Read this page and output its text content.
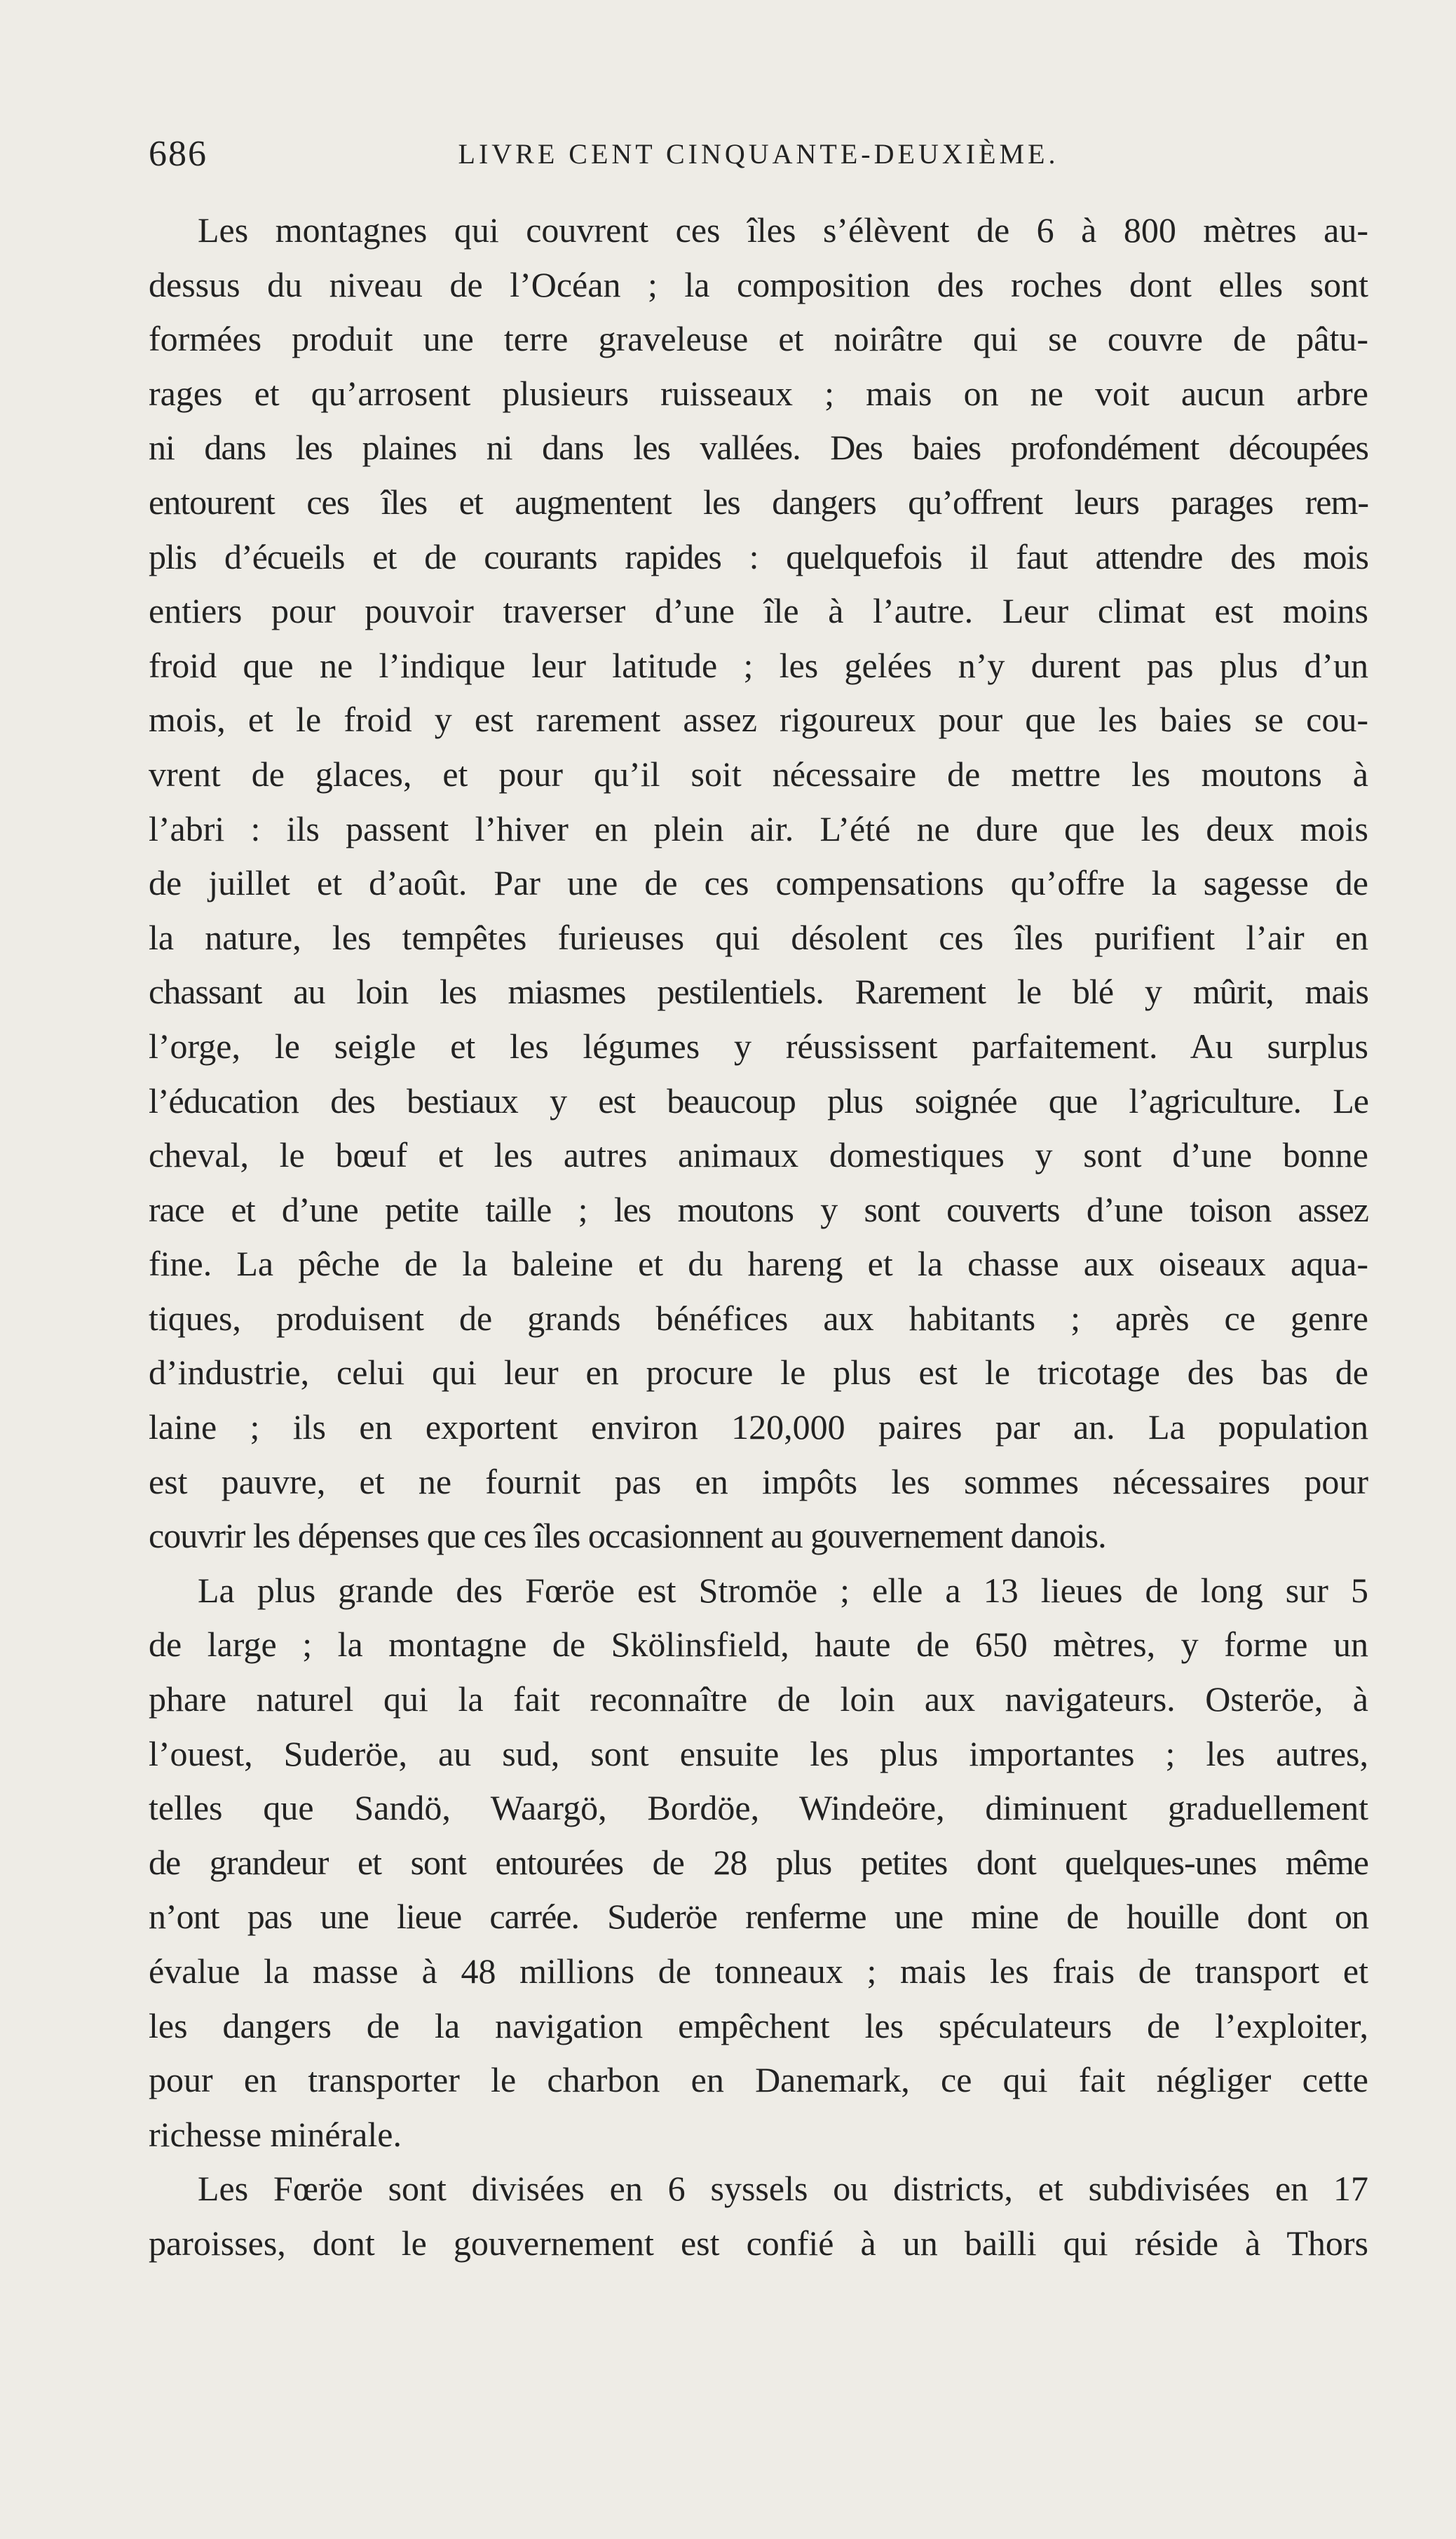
686	LIVRE CENT CINQUANTE-DEUXIÈME.
Les montagnes qui couvrent ces îles s’élèvent de 6 à 800 mètres au-
dessus du niveau de l’Océan ; la composition des roches dont elles sont
formées produit une terre graveleuse et noirâtre qui se couvre de pâtu-
rages et qu’arrosent plusieurs ruisseaux ; mais on ne voit aucun arbre
ni dans les plaines ni dans les vallées. Des baies profondément découpées
entourent ces îles et augmentent les dangers qu’offrent leurs parages rem-
plis d’écueils et de courants rapides : quelquefois il faut attendre des mois
entiers pour pouvoir traverser d’une île à l’autre. Leur climat est moins
froid que ne l’indique leur latitude ; les gelées n’y durent pas plus d’un
mois, et le froid y est rarement assez rigoureux pour que les baies se cou-
vrent de glaces, et pour qu’il soit nécessaire de mettre les moutons à
l’abri : ils passent l’hiver en plein air. L’été ne dure que les deux mois
de juillet et d’août. Par une de ces compensations qu’offre la sagesse de
la nature, les tempêtes furieuses qui désolent ces îles purifient l’air en
chassant au loin les miasmes pestilentiels. Rarement le blé y mûrit, mais
l’orge, le seigle et les légumes y réussissent parfaitement. Au surplus
l’éducation des bestiaux y est beaucoup plus soignée que l’agriculture. Le
cheval, le bœuf et les autres animaux domestiques y sont d’une bonne
race et d’une petite taille ; les moutons y sont couverts d’une toison assez
fine. La pêche de la baleine et du hareng et la chasse aux oiseaux aqua-
tiques, produisent de grands bénéfices aux habitants ; après ce genre
d’industrie, celui qui leur en procure le plus est le tricotage des bas de
laine ; ils en exportent environ 120,000 paires par an. La population
est pauvre, et ne fournit pas en impôts les sommes nécessaires pour
couvrir les dépenses que ces îles occasionnent au gouvernement danois.
La plus grande des Fœröe est Stromöe ; elle a 13 lieues de long sur 5
de large ; la montagne de Skölinsfield, haute de 650 mètres, y forme un
phare naturel qui la fait reconnaître de loin aux navigateurs. Osteröe, à
l’ouest, Suderöe, au sud, sont ensuite les plus importantes ; les autres,
telles que Sandö, Waargö, Bordöe, Windeöre, diminuent graduellement
de grandeur et sont entourées de 28 plus petites dont quelques-unes même
n’ont pas une lieue carrée. Suderöe renferme une mine de houille dont on
évalue la masse à 48 millions de tonneaux ; mais les frais de transport et
les dangers de la navigation empêchent les spéculateurs de l’exploiter,
pour en transporter le charbon en Danemark, ce qui fait négliger cette
richesse minérale.
Les Fœröe sont divisées en 6 syssels ou districts, et subdivisées en 17
paroisses, dont le gouvernement est confié à un bailli qui réside à Thors
